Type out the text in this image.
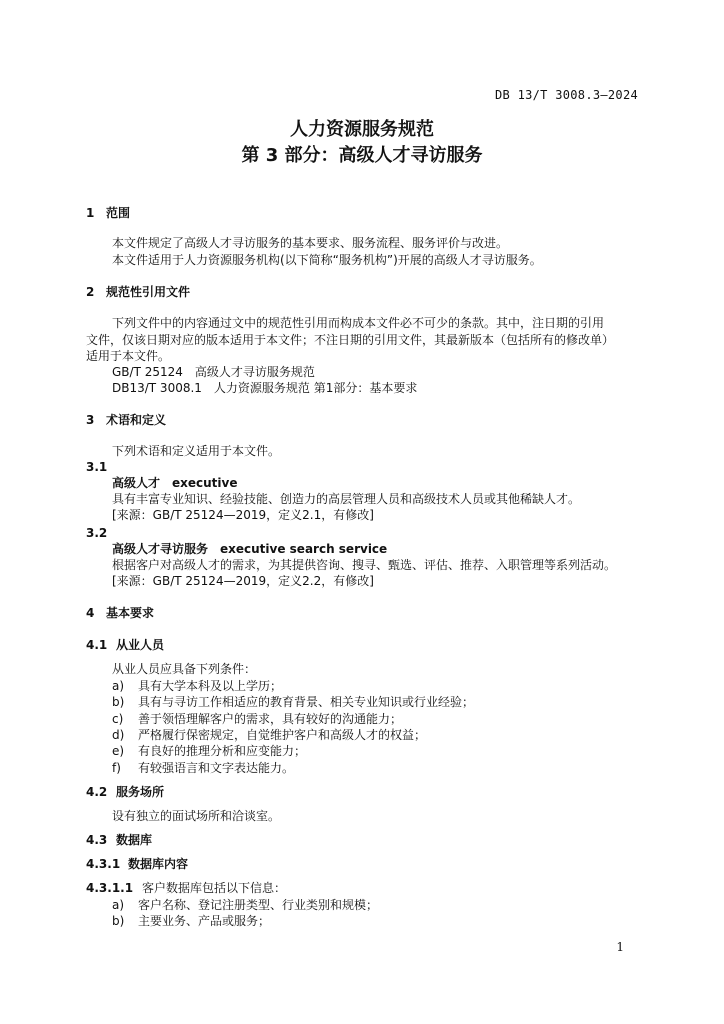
DB 13/T 3008.3—2024
人力资源服务规范
第 3 部分：高级人才寻访服务
1 范围
本文件规定了高级人才寻访服务的基本要求、服务流程、服务评价与改进。
本文件适用于人力资源服务机构(以下简称“服务机构”)开展的高级人才寻访服务。
2 规范性引用文件
下列文件中的内容通过文中的规范性引用而构成本文件必不可少的条款。其中，注日期的引用
文件，仅该日期对应的版本适用于本文件；不注日期的引用文件，其最新版本（包括所有的修改单）
适用于本文件。
GB/T 25124　高级人才寻访服务规范
DB13/T 3008.1　人力资源服务规范 第1部分：基本要求
3 术语和定义
下列术语和定义适用于本文件。
3.1
高级人才　executive
具有丰富专业知识、经验技能、创造力的高层管理人员和高级技术人员或其他稀缺人才。
[来源：GB/T 25124—2019，定义2.1，有修改]
3.2
高级人才寻访服务　executive search service
根据客户对高级人才的需求，为其提供咨询、搜寻、甄选、评估、推荐、入职管理等系列活动。
[来源：GB/T 25124—2019，定义2.2，有修改]
4 基本要求
4.1 从业人员
从业人员应具备下列条件：
a) 具有大学本科及以上学历；
b) 具有与寻访工作相适应的教育背景、相关专业知识或行业经验；
c) 善于领悟理解客户的需求，具有较好的沟通能力；
d) 严格履行保密规定，自觉维护客户和高级人才的权益；
e) 有良好的推理分析和应变能力；
f) 有较强语言和文字表达能力。
4.2 服务场所
设有独立的面试场所和洽谈室。
4.3 数据库
4.3.1 数据库内容
4.3.1.1 客户数据库包括以下信息：
a) 客户名称、登记注册类型、行业类别和规模；
b) 主要业务、产品或服务；
1
